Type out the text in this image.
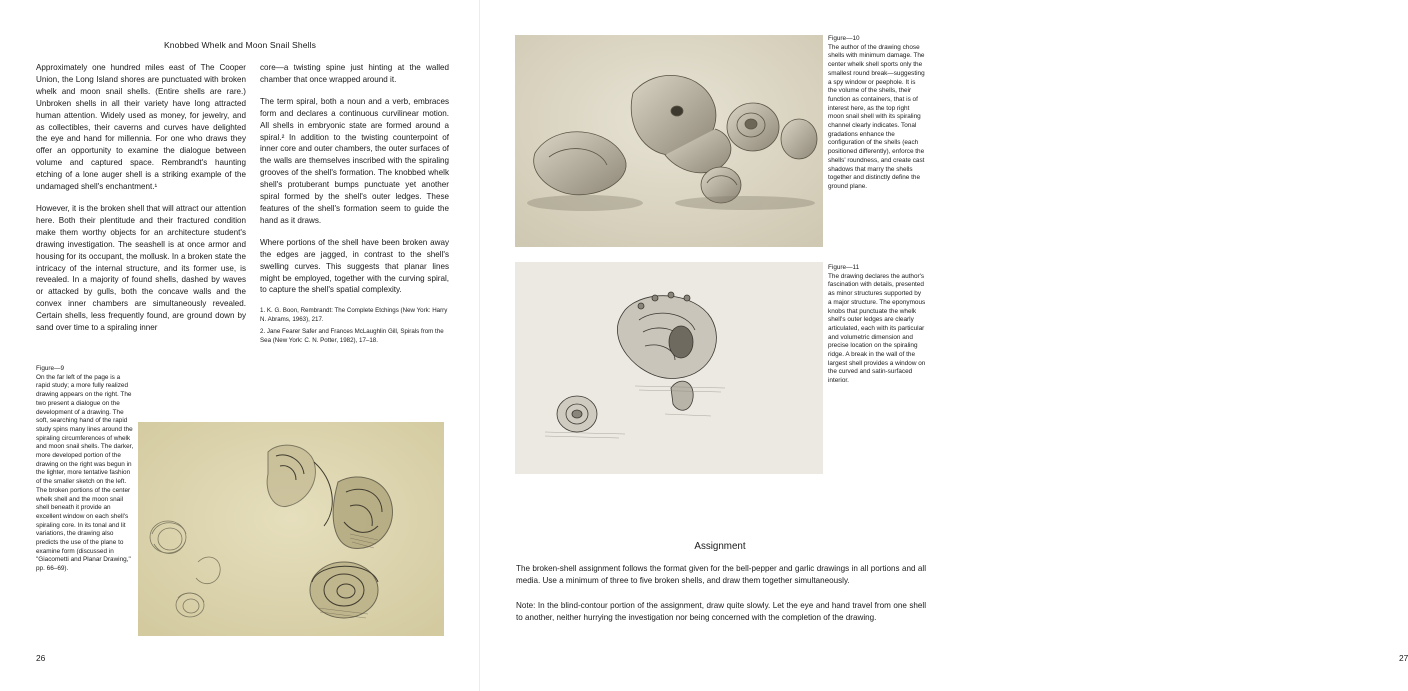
Knobbed Whelk and Moon Snail Shells

Approximately one hundred miles east of The Cooper Union, the Long Island shores are punctuated with broken whelk and moon snail shells. (Entire shells are rare.) Unbroken shells in all their variety have long attracted human attention. Widely used as money, for jewelry, and as collectibles, their caverns and curves have delighted the eye and hand for millennia. For one who draws they offer an opportunity to examine the dialogue between volume and captured space. Rembrandt's haunting etching of a lone auger shell is a striking example of the undamaged shell's enchantment.¹

However, it is the broken shell that will attract our attention here. Both their plentitude and their fractured condition make them worthy objects for an architecture student's drawing investigation. The seashell is at once armor and housing for its occupant, the mollusk. In a broken state the intricacy of the internal structure, and its former use, is revealed. In a majority of found shells, dashed by waves or attacked by gulls, both the concave walls and the convex inner chambers are simultaneously revealed. Certain shells, less frequently found, are ground down by sand over time to a spiraling inner

core—a twisting spine just hinting at the walled chamber that once wrapped around it.

The term spiral, both a noun and a verb, embraces form and declares a continuous curvilinear motion. All shells in embryonic state are formed around a spiral.² In addition to the twisting counterpoint of inner core and outer chambers, the outer surfaces of the walls are themselves inscribed with the spiraling grooves of the shell's formation. The knobbed whelk shell's protuberant bumps punctuate yet another spiral formed by the shell's outer ledges. These features of the shell's formation seem to guide the hand as it draws.

Where portions of the shell have been broken away the edges are jagged, in contrast to the shell's swelling curves. This suggests that planar lines might be employed, together with the curving spiral, to capture the shell's spatial complexity.

1. K. G. Boon, Rembrandt: The Complete Etchings (New York: Harry N. Abrams, 1963), 217.

2. Jane Fearer Safer and Frances McLaughlin Gill, Spirals from the Sea (New York: C. N. Potter, 1982), 17–18.

Figure—9
On the far left of the page is a rapid study; a more fully realized drawing appears on the right. The two present a dialogue on the development of a drawing. The soft, searching hand of the rapid study spins many lines around the spiraling circumferences of whelk and moon snail shells. The darker, more developed portion of the drawing on the right was begun in the lighter, more tentative fashion of the smaller sketch on the left. The broken portions of the center whelk shell and the moon snail shell beneath it provide an excellent window on each shell's spiraling core. In its tonal and lit variations, the drawing also predicts the use of the plane to examine form (discussed in "Giacometti and Planar Drawing," pp. 66–69).
26	27
Figure—10
The author of the drawing chose shells with minimum damage. The center whelk shell sports only the smallest round break—suggesting a spy window or peephole. It is the volume of the shells, their function as containers, that is of interest here, as the top right moon snail shell with its spiraling channel clearly indicates. Tonal gradations enhance the configuration of the shells (each positioned differently), enforce the shells' roundness, and create cast shadows that marry the shells together and distinctly define the ground plane.
Figure—11
The drawing declares the author's fascination with details, presented as minor structures supported by a major structure. The eponymous knobs that punctuate the whelk shell's outer ledges are clearly articulated, each with its particular and volumetric dimension and precise location on the spiraling ridge. A break in the wall of the largest shell provides a window on the curved and satin-surfaced interior.
Assignment

The broken-shell assignment follows the format given for the bell-pepper and garlic drawings in all portions and all media. Use a minimum of three to five broken shells, and draw them together simultaneously.

Note: In the blind-contour portion of the assignment, draw quite slowly. Let the eye and hand travel from one shell to another, neither hurrying the investigation nor being concerned with the completion of the drawing.
